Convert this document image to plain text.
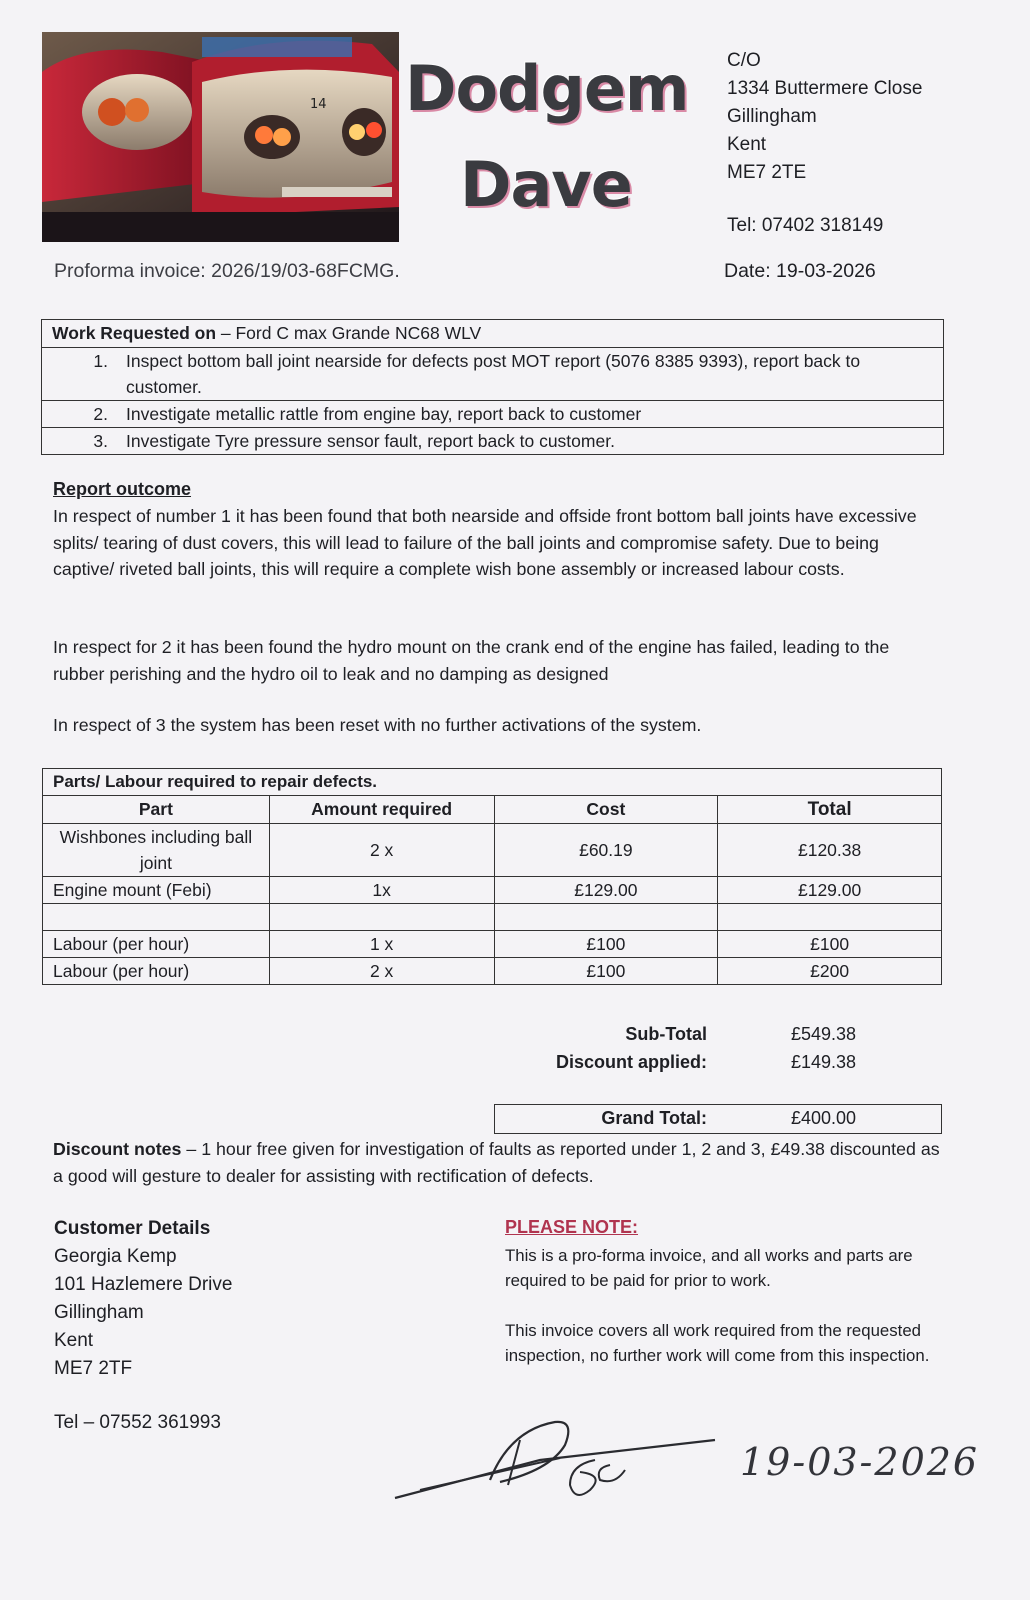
14 Dodgem
Dave
C/O
1334 Buttermere Close
Gillingham
Kent
ME7 2TE
Tel: 07402 318149
Proforma invoice: 2026/19/03-68FCMG.	Date: 19-03-2026
Work Requested on – Ford C max Grande NC68 WLV
1.	Inspect bottom ball joint nearside for defects post MOT report (5076 8385 9393), report back to customer.
2.	Investigate metallic rattle from engine bay, report back to customer
3.	Investigate Tyre pressure sensor fault, report back to customer.
Report outcome
In respect of number 1 it has been found that both nearside and offside front bottom ball joints have excessive splits/ tearing of dust covers, this will lead to failure of the ball joints and compromise safety. Due to being captive/ riveted ball joints, this will require a complete wish bone assembly or increased labour costs.
In respect for 2 it has been found the hydro mount on the crank end of the engine has failed, leading to the rubber perishing and the hydro oil to leak and no damping as designed
In respect of 3 the system has been reset with no further activations of the system.
Parts/ Labour required to repair defects.			
Part	Amount required	Cost	Total
Wishbones including ball joint	2 x	£60.19	£120.38
Engine mount (Febi)	1x	£129.00	£129.00

Labour (per hour)	1 x	£100	£100
Labour (per hour)	2 x	£100	£200
Sub-Total	£549.38
Discount applied:	£149.38
Grand Total:	£400.00
Discount notes – 1 hour free given for investigation of faults as reported under 1, 2 and 3, £49.38 discounted as a good will gesture to dealer for assisting with rectification of defects.
Customer Details
Georgia Kemp
101 Hazlemere Drive
Gillingham
Kent
ME7 2TF
Tel – 07552 361993
PLEASE NOTE:
This is a pro-forma invoice, and all works and parts are required to be paid for prior to work.
This invoice covers all work required from the requested inspection, no further work will come from this inspection.
19-03-2026
